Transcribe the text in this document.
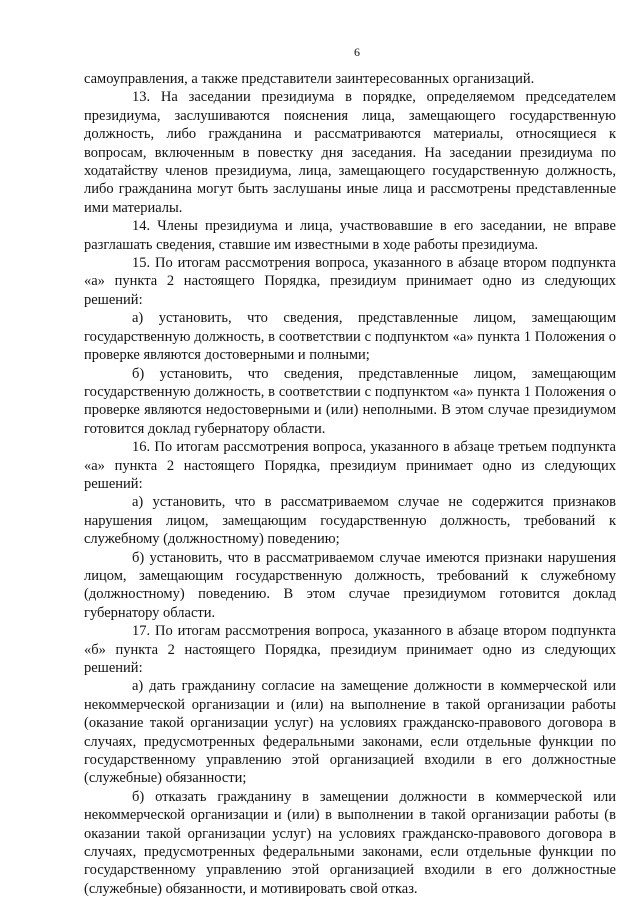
6

самоуправления, а также представители заинтересованных организаций.

13. На заседании президиума в порядке, определяемом председателем президиума, заслушиваются пояснения лица, замещающего государственную должность, либо гражданина и рассматриваются материалы, относящиеся к вопросам, включенным в повестку дня заседания. На заседании президиума по ходатайству членов президиума, лица, замещающего государственную должность, либо гражданина могут быть заслушаны иные лица и рассмотрены представленные ими материалы.

14. Члены президиума и лица, участвовавшие в его заседании, не вправе разглашать сведения, ставшие им известными в ходе работы президиума.

15. По итогам рассмотрения вопроса, указанного в абзаце втором подпункта «а» пункта 2 настоящего Порядка, президиум принимает одно из следующих решений:

а) установить, что сведения, представленные лицом, замещающим государственную должность, в соответствии с подпунктом «а» пункта 1 Положения о проверке являются достоверными и полными;

б) установить, что сведения, представленные лицом, замещающим государственную должность, в соответствии с подпунктом «а» пункта 1 Положения о проверке являются недостоверными и (или) неполными. В этом случае президиумом готовится доклад губернатору области.

16. По итогам рассмотрения вопроса, указанного в абзаце третьем подпункта «а» пункта 2 настоящего Порядка, президиум принимает одно из следующих решений:

а) установить, что в рассматриваемом случае не содержится признаков нарушения лицом, замещающим государственную должность, требований к служебному (должностному) поведению;

б) установить, что в рассматриваемом случае имеются признаки нарушения лицом, замещающим государственную должность, требований к служебному (должностному) поведению. В этом случае президиумом готовится доклад губернатору области.

17. По итогам рассмотрения вопроса, указанного в абзаце втором подпункта «б» пункта 2 настоящего Порядка, президиум принимает одно из следующих решений:

а) дать гражданину согласие на замещение должности в коммерческой или некоммерческой организации и (или) на выполнение в такой организации работы (оказание такой организации услуг) на условиях гражданско-правового договора в случаях, предусмотренных федеральными законами, если отдельные функции по государственному управлению этой организацией входили в его должностные (служебные) обязанности;

б) отказать гражданину в замещении должности в коммерческой или некоммерческой организации и (или) в выполнении в такой организации работы (в оказании такой организации услуг) на условиях гражданско-правового договора в случаях, предусмотренных федеральными законами, если отдельные функции по государственному управлению этой организацией входили в его должностные (служебные) обязанности, и мотивировать свой отказ.
